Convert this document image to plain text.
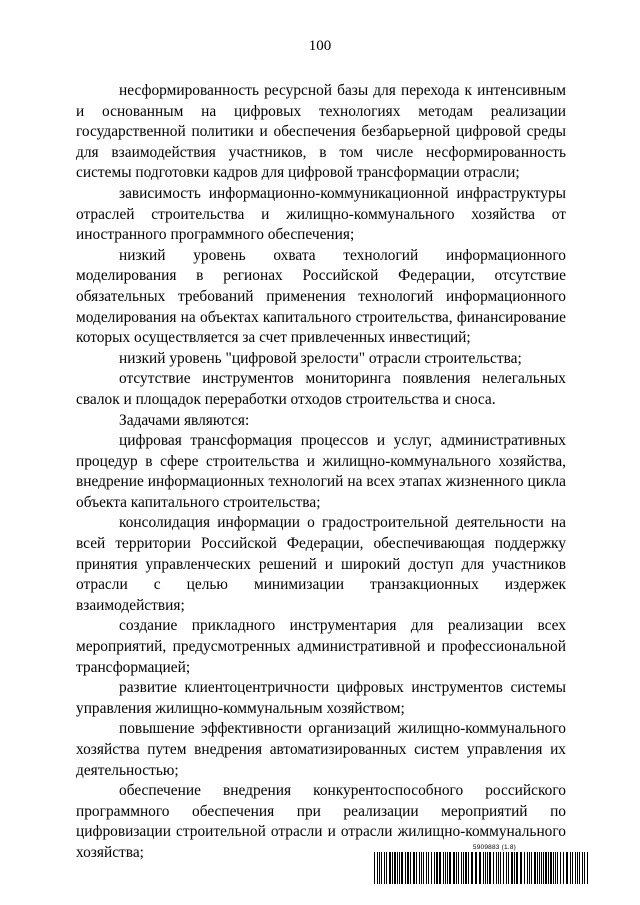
100

несформированность ресурсной базы для перехода к интенсивным и основанным на цифровых технологиях методам реализации государственной политики и обеспечения безбарьерной цифровой среды для взаимодействия участников, в том числе несформированность системы подготовки кадров для цифровой трансформации отрасли;

зависимость информационно-коммуникационной инфраструктуры отраслей строительства и жилищно-коммунального хозяйства от иностранного программного обеспечения;

низкий уровень охвата технологий информационного моделирования в регионах Российской Федерации, отсутствие обязательных требований применения технологий информационного моделирования на объектах капитального строительства, финансирование которых осуществляется за счет привлеченных инвестиций;

низкий уровень "цифровой зрелости" отрасли строительства;

отсутствие инструментов мониторинга появления нелегальных свалок и площадок переработки отходов строительства и сноса.

Задачами являются:

цифровая трансформация процессов и услуг, административных процедур в сфере строительства и жилищно-коммунального хозяйства, внедрение информационных технологий на всех этапах жизненного цикла объекта капитального строительства;

консолидация информации о градостроительной деятельности на всей территории Российской Федерации, обеспечивающая поддержку принятия управленческих решений и широкий доступ для участников отрасли с целью минимизации транзакционных издержек взаимодействия;

создание прикладного инструментария для реализации всех мероприятий, предусмотренных административной и профессиональной трансформацией;

развитие клиентоцентричности цифровых инструментов системы управления жилищно-коммунальным хозяйством;

повышение эффективности организаций жилищно-коммунального хозяйства путем внедрения автоматизированных систем управления их деятельностью;

обеспечение внедрения конкурентоспособного российского программного обеспечения при реализации мероприятий по цифровизации строительной отрасли и отрасли жилищно-коммунального хозяйства;	5909883 (1.8)
